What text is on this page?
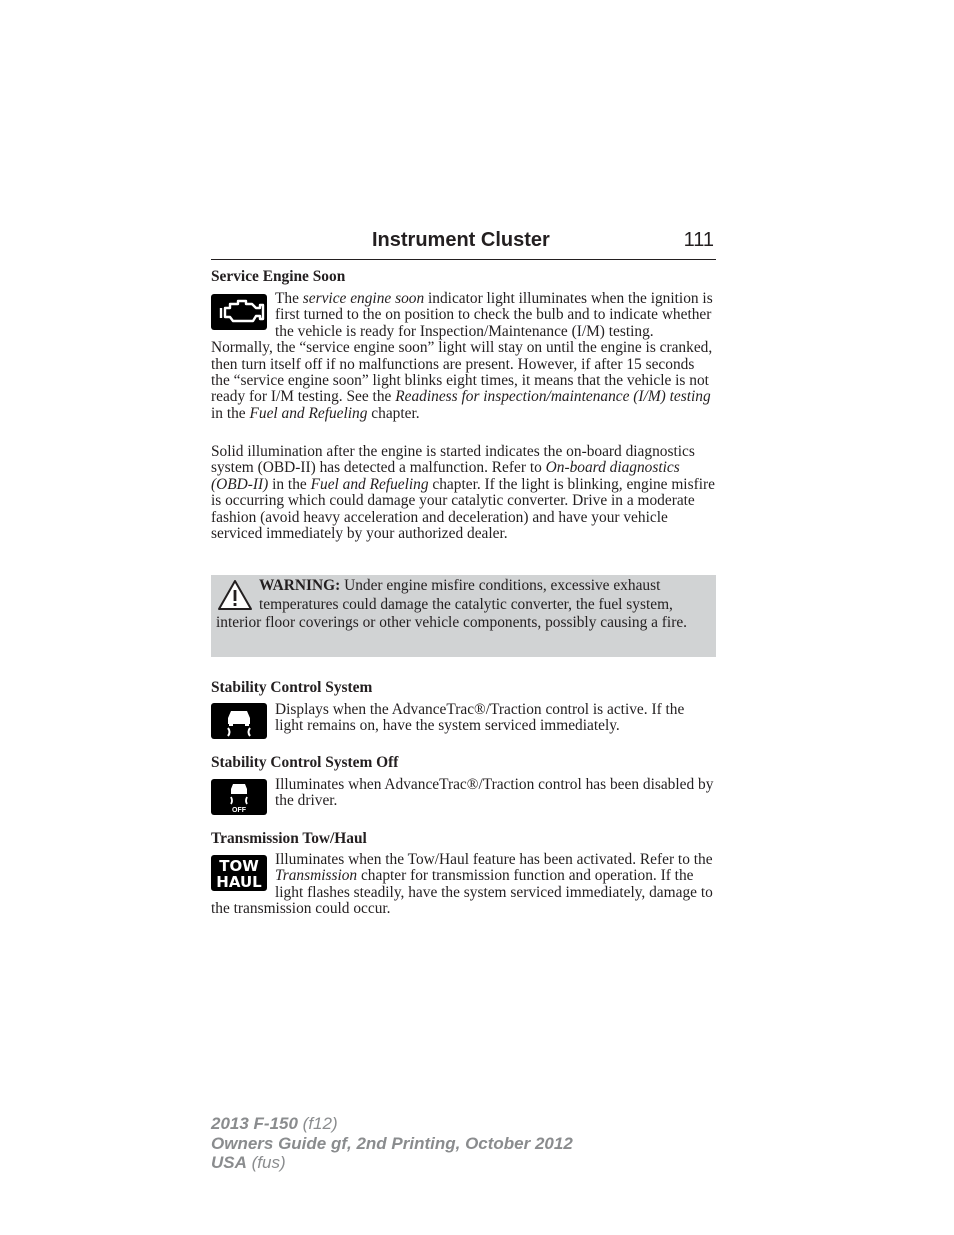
Instrument Cluster	111
Service Engine Soon

The service engine soon indicator light illuminates when the ignition is first turned to the on position to check the bulb and to indicate whether the vehicle is ready for Inspection/Maintenance (I/M) testing. Normally, the “service engine soon” light will stay on until the engine is cranked, then turn itself off if no malfunctions are present. However, if after 15 seconds the “service engine soon” light blinks eight times, it means that the vehicle is not ready for I/M testing. See the Readiness for inspection/maintenance (I/M) testing in the Fuel and Refueling chapter.

Solid illumination after the engine is started indicates the on-board diagnostics system (OBD-II) has detected a malfunction. Refer to On-board diagnostics (OBD-II) in the Fuel and Refueling chapter. If the light is blinking, engine misfire is occurring which could damage your catalytic converter. Drive in a moderate fashion (avoid heavy acceleration and deceleration) and have your vehicle serviced immediately by your authorized dealer.

WARNING: Under engine misfire conditions, excessive exhaust temperatures could damage the catalytic converter, the fuel system, interior floor coverings or other vehicle components, possibly causing a fire.
Stability Control System

Displays when the AdvanceTrac®/Traction control is active. If the light remains on, have the system serviced immediately.

Stability Control System Off
OFF

Illuminates when AdvanceTrac®/Traction control has been disabled by the driver.

Transmission Tow/Haul

TOW
HAUL
Illuminates when the Tow/Haul feature has been activated. Refer to the Transmission chapter for transmission function and operation. If the light flashes steadily, have the system serviced immediately, damage to the transmission could occur.

2013 F-150 (f12)
Owners Guide gf, 2nd Printing, October 2012
USA (fus)
